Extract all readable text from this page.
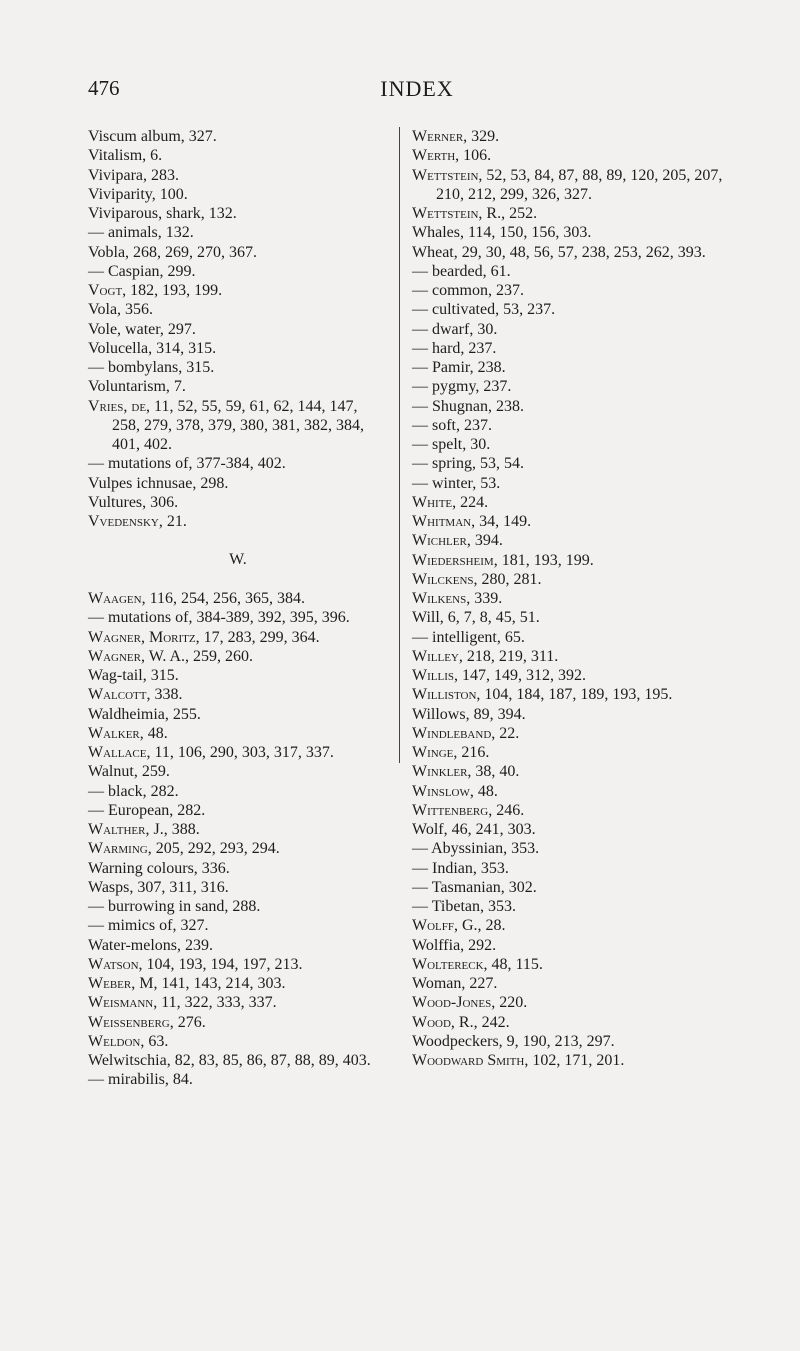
476	INDEX
Viscum album, 327.
Vitalism, 6.
Vivipara, 283.
Viviparity, 100.
Viviparous, shark, 132.
— animals, 132.
Vobla, 268, 269, 270, 367.
— Caspian, 299.
Vogt, 182, 193, 199.
Vola, 356.
Vole, water, 297.
Volucella, 314, 315.
— bombylans, 315.
Voluntarism, 7.
Vries, de, 11, 52, 55, 59, 61, 62, 144, 147, 258, 279, 378, 379, 380, 381, 382, 384, 401, 402.
— mutations of, 377-384, 402.
Vulpes ichnusae, 298.
Vultures, 306.
Vvedensky, 21.
W.
Waagen, 116, 254, 256, 365, 384.
— mutations of, 384-389, 392, 395, 396.
Wagner, Moritz, 17, 283, 299, 364.
Wagner, W. A., 259, 260.
Wag-tail, 315.
Walcott, 338.
Waldheimia, 255.
Walker, 48.
Wallace, 11, 106, 290, 303, 317, 337.
Walnut, 259.
— black, 282.
— European, 282.
Walther, J., 388.
Warming, 205, 292, 293, 294.
Warning colours, 336.
Wasps, 307, 311, 316.
— burrowing in sand, 288.
— mimics of, 327.
Water-melons, 239.
Watson, 104, 193, 194, 197, 213.
Weber, M, 141, 143, 214, 303.
Weismann, 11, 322, 333, 337.
Weissenberg, 276.
Weldon, 63.
Welwitschia, 82, 83, 85, 86, 87, 88, 89, 403.
— mirabilis, 84.
Werner, 329.
Werth, 106.
Wettstein, 52, 53, 84, 87, 88, 89, 120, 205, 207, 210, 212, 299, 326, 327.
Wettstein, R., 252.
Whales, 114, 150, 156, 303.
Wheat, 29, 30, 48, 56, 57, 238, 253, 262, 393.
— bearded, 61.
— common, 237.
— cultivated, 53, 237.
— dwarf, 30.
— hard, 237.
— Pamir, 238.
— pygmy, 237.
— Shugnan, 238.
— soft, 237.
— spelt, 30.
— spring, 53, 54.
— winter, 53.
White, 224.
Whitman, 34, 149.
Wichler, 394.
Wiedersheim, 181, 193, 199.
Wilckens, 280, 281.
Wilkens, 339.
Will, 6, 7, 8, 45, 51.
— intelligent, 65.
Willey, 218, 219, 311.
Willis, 147, 149, 312, 392.
Williston, 104, 184, 187, 189, 193, 195.
Willows, 89, 394.
Windleband, 22.
Winge, 216.
Winkler, 38, 40.
Winslow, 48.
Wittenberg, 246.
Wolf, 46, 241, 303.
— Abyssinian, 353.
— Indian, 353.
— Tasmanian, 302.
— Tibetan, 353.
Wolff, G., 28.
Wolffia, 292.
Woltereck, 48, 115.
Woman, 227.
Wood-Jones, 220.
Wood, R., 242.
Woodpeckers, 9, 190, 213, 297.
Woodward Smith, 102, 171, 201.
